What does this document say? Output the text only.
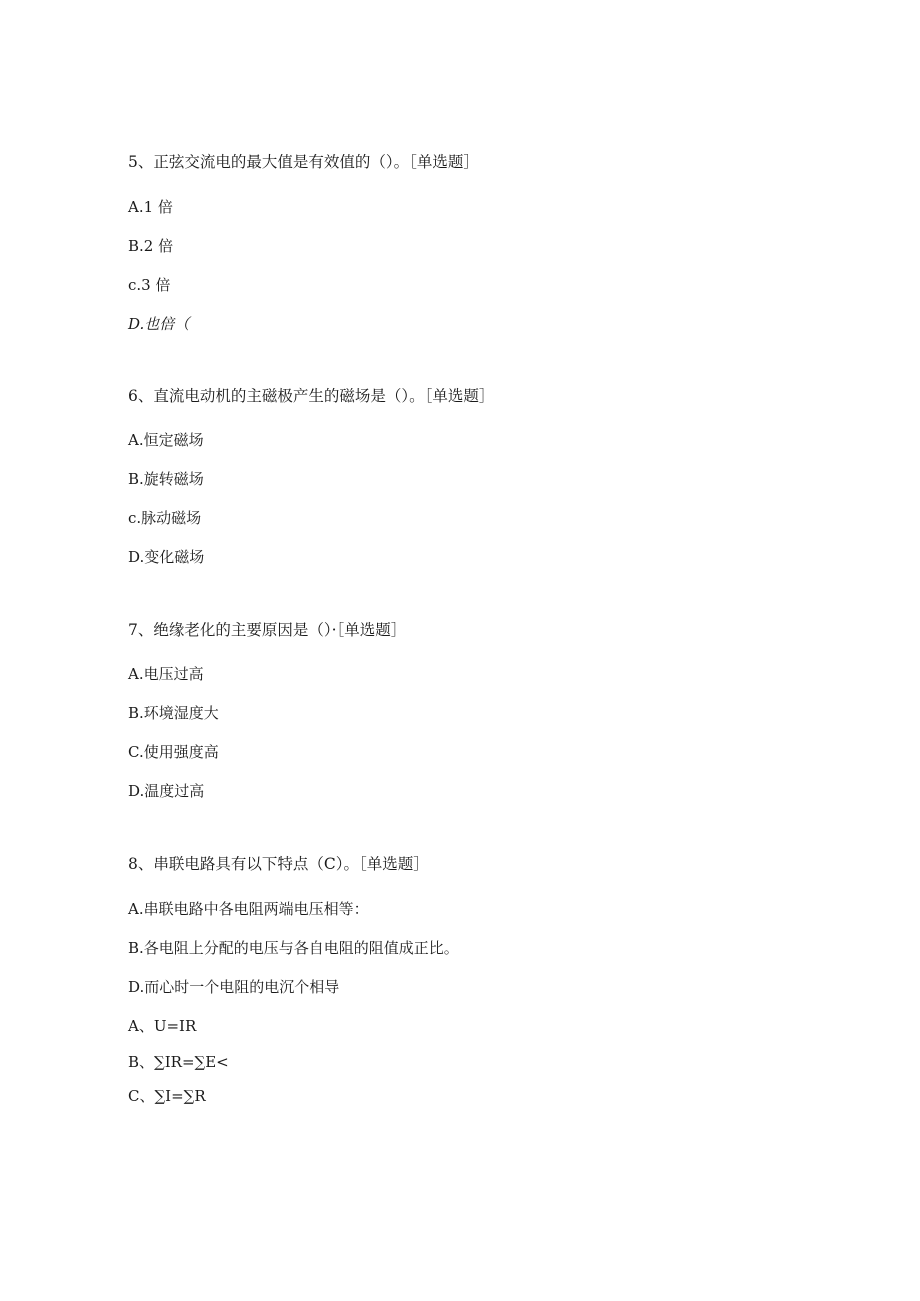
5、正弦交流电的最大值是有效值的（）。［单选题］
A.1 倍
B.2 倍
c.3 倍
D.也倍（
6、直流电动机的主磁极产生的磁场是（）。［单选题］
A.恒定磁场
B.旋转磁场
c.脉动磁场
D.变化磁场
7、绝缘老化的主要原因是（）·［单选题］
A.电压过高
B.环境湿度大
C.使用强度高
D.温度过高
8、串联电路具有以下特点（C）。［单选题］
A.串联电路中各电阻两端电压相等：
B.各电阻上分配的电压与各自电阻的阻值成正比。
D.而心时一个电阻的电沉个相导
A、U=IR
B、∑IR=∑E<
C、∑I=∑R
